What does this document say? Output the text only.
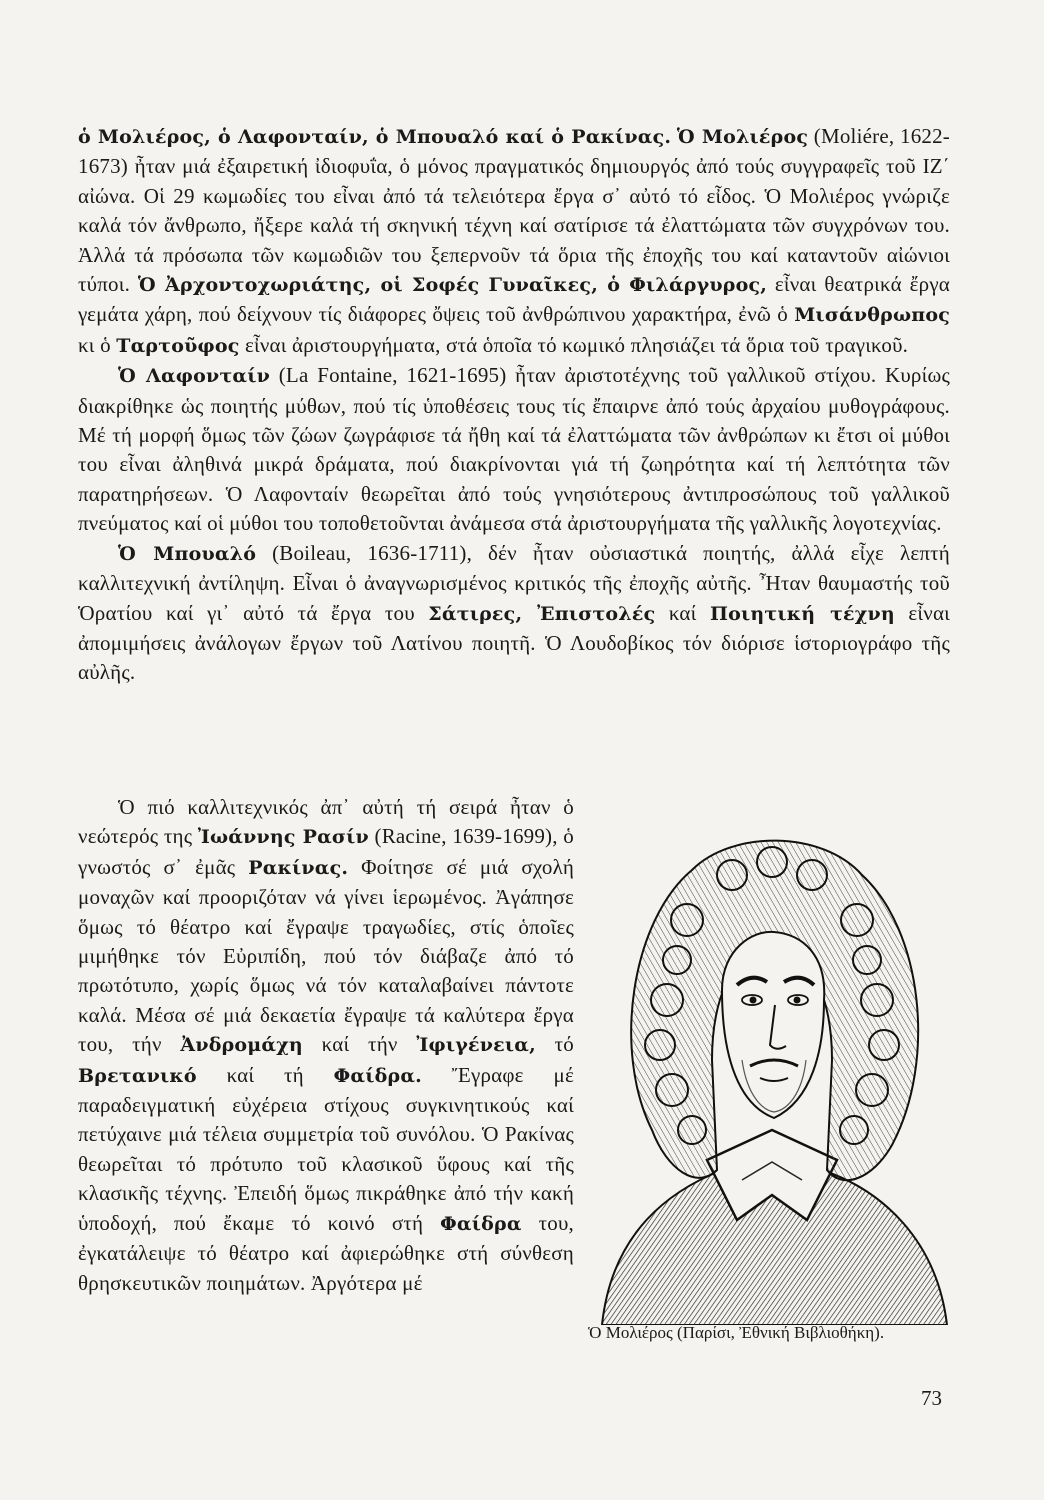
ὁ Μολιέρος, ὁ Λαφονταίν, ὁ Μπουαλό καί ὁ Ρακίνας. Ὁ Μολιέρος (Moliére, 1622-1673) ἦταν μιά ἐξαιρετική ἰδιοφυΐα, ὁ μόνος πραγματικός δημιουργός ἀπό τούς συγγραφεῖς τοῦ ΙΖ΄ αἰώνα. Οἱ 29 κωμωδίες του εἶναι ἀπό τά τελειότερα ἔργα σ᾽ αὐτό τό εἶδος. Ὁ Μολιέρος γνώριζε καλά τόν ἄνθρωπο, ἤξερε καλά τή σκηνική τέχνη καί σατίρισε τά ἐλαττώματα τῶν συγχρόνων του. Ἀλλά τά πρόσωπα τῶν κωμωδιῶν του ξεπερνοῦν τά ὅρια τῆς ἐποχῆς του καί καταντοῦν αἰώνιοι τύποι. Ὁ Ἀρχοντοχωριάτης, οἱ Σοφές Γυναῖκες, ὁ Φιλάργυρος, εἶναι θεατρικά ἔργα γεμάτα χάρη, πού δείχνουν τίς διάφορες ὄψεις τοῦ ἀνθρώπινου χαρακτήρα, ἐνῶ ὁ Μισάνθρωπος κι ὁ Ταρτοῦφος εἶναι ἀριστουργήματα, στά ὁποῖα τό κωμικό πλησιάζει τά ὅρια τοῦ τραγικοῦ.

Ὁ Λαφονταίν (La Fontaine, 1621-1695) ἦταν ἀριστοτέχνης τοῦ γαλλικοῦ στίχου. Κυρίως διακρίθηκε ὡς ποιητής μύθων, πού τίς ὑποθέσεις τους τίς ἔπαιρνε ἀπό τούς ἀρχαίου μυθογράφους. Μέ τή μορφή ὅμως τῶν ζώων ζωγράφισε τά ἤθη καί τά ἐλαττώματα τῶν ἀνθρώπων κι ἔτσι οἱ μύθοι του εἶναι ἀληθινά μικρά δράματα, πού διακρίνονται γιά τή ζωηρότητα καί τή λεπτότητα τῶν παρατηρήσεων. Ὁ Λαφονταίν θεωρεῖται ἀπό τούς γνησιότερους ἀντιπροσώπους τοῦ γαλλικοῦ πνεύματος καί οἱ μύθοι του τοποθετοῦνται ἀνάμεσα στά ἀριστουργήματα τῆς γαλλικῆς λογοτεχνίας.

Ὁ Μπουαλό (Boileau, 1636-1711), δέν ἦταν οὐσιαστικά ποιητής, ἀλλά εἶχε λεπτή καλλιτεχνική ἀντίληψη. Εἶναι ὁ ἀναγνωρισμένος κριτικός τῆς ἐποχῆς αὐτῆς. Ἦταν θαυμαστής τοῦ Ὁρατίου καί γι᾽ αὐτό τά ἔργα του Σάτιρες, Ἐπιστολές καί Ποιητική τέχνη εἶναι ἀπομιμήσεις ἀνάλογων ἔργων τοῦ Λατίνου ποιητῆ. Ὁ Λουδοβίκος τόν διόρισε ἱστοριογράφο τῆς αὐλῆς.

Ὁ πιό καλλιτεχνικός ἀπ᾽ αὐτή τή σειρά ἦταν ὁ νεώτερός της Ἰωάννης Ρασίν (Racine, 1639-1699), ὁ γνωστός σ᾽ ἐμᾶς Ρακίνας. Φοίτησε σέ μιά σχολή μοναχῶν καί προοριζόταν νά γίνει ἱερωμένος. Ἀγάπησε ὅμως τό θέατρο καί ἔγραψε τραγωδίες, στίς ὁποῖες μιμήθηκε τόν Εὐριπίδη, πού τόν διάβαζε ἀπό τό πρωτότυπο, χωρίς ὅμως νά τόν καταλαβαίνει πάντοτε καλά. Μέσα σέ μιά δεκαετία ἔγραψε τά καλύτερα ἔργα του, τήν Ἀνδρομάχη καί τήν Ἰφιγένεια, τό Βρετανικό καί τή Φαίδρα. Ἔγραφε μέ παραδειγματική εὐχέρεια στίχους συγκινητικούς καί πετύχαινε μιά τέλεια συμμετρία τοῦ συνόλου. Ὁ Ρακίνας θεωρεῖται τό πρότυπο τοῦ κλασικοῦ ὕφους καί τῆς κλασικῆς τέχνης. Ἐπειδή ὅμως πικράθηκε ἀπό τήν κακή ὑποδοχή, πού ἔκαμε τό κοινό στή Φαίδρα του, ἐγκατάλειψε τό θέατρο καί ἀφιερώθηκε στή σύνθεση θρησκευτικῶν ποιημάτων. Ἀργότερα μέ

Ὁ Μολιέρος (Παρίσι, Ἐθνική Βιβλιοθήκη).
73
